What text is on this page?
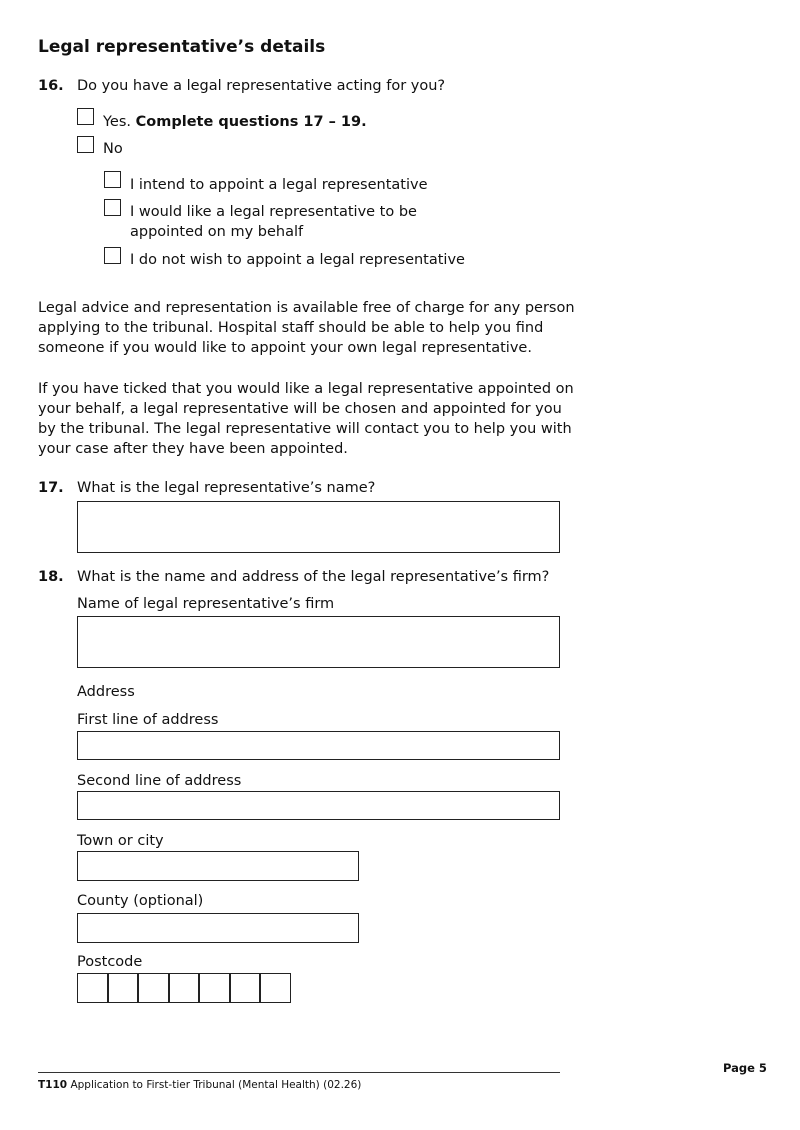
Legal representative’s details
16. Do you have a legal representative acting for you?
Yes. Complete questions 17 – 19.
No
I intend to appoint a legal representative
I would like a legal representative to be
appointed on my behalf
I do not wish to appoint a legal representative
Legal advice and representation is available free of charge for any person
applying to the tribunal. Hospital staff should be able to help you find
someone if you would like to appoint your own legal representative.
If you have ticked that you would like a legal representative appointed on
your behalf, a legal representative will be chosen and appointed for you
by the tribunal. The legal representative will contact you to help you with
your case after they have been appointed.
17. What is the legal representative’s name?
18. What is the name and address of the legal representative’s firm?
Name of legal representative’s firm
Address
First line of address
Second line of address
Town or city
County (optional)
Postcode
Page 5
T110 Application to First-tier Tribunal (Mental Health) (02.26)
